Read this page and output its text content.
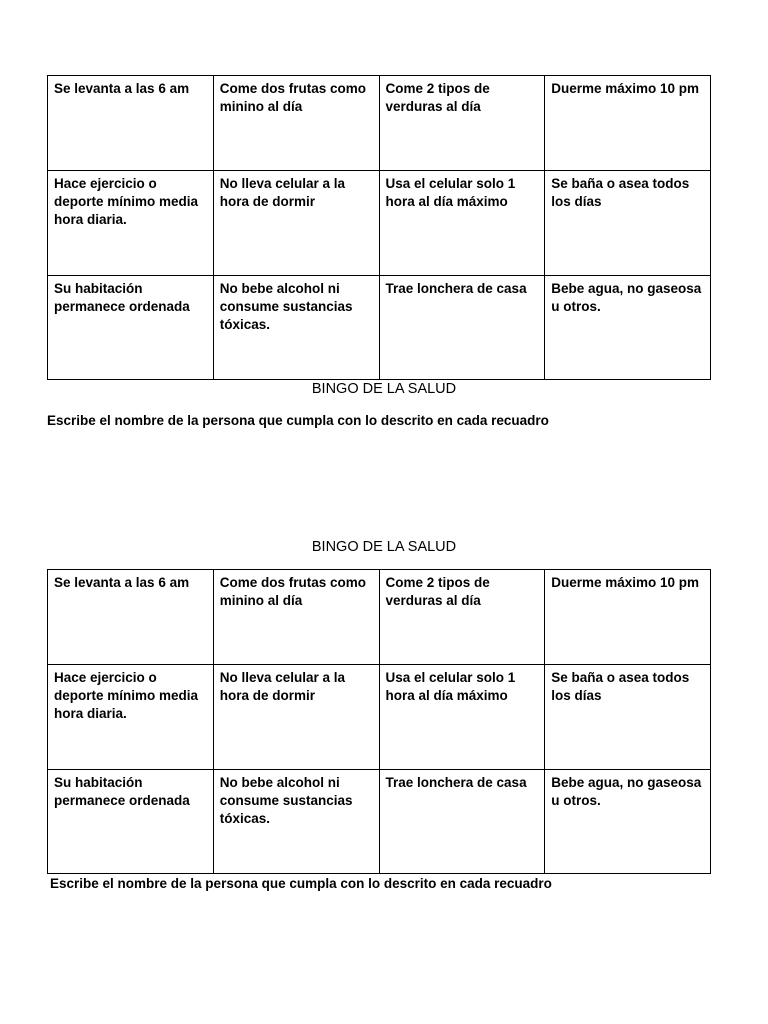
Se levanta a las 6 am	Come dos frutas como minino al día	Come 2 tipos de verduras al día	Duerme máximo 10 pm
Hace ejercicio o deporte mínimo media hora diaria.	No lleva celular a la hora de dormir	Usa el celular solo 1 hora al día máximo	Se baña o asea todos los días
Su habitación permanece ordenada	No bebe alcohol ni consume sustancias tóxicas.	Trae lonchera de casa	Bebe agua, no gaseosa u otros.

BINGO DE LA SALUD

Escribe el nombre de la persona que cumpla con lo descrito en cada recuadro

BINGO DE LA SALUD

Se levanta a las 6 am	Come dos frutas como minino al día	Come 2 tipos de verduras al día	Duerme máximo 10 pm
Hace ejercicio o deporte mínimo media hora diaria.	No lleva celular a la hora de dormir	Usa el celular solo 1 hora al día máximo	Se baña o asea todos los días
Su habitación permanece ordenada	No bebe alcohol ni consume sustancias tóxicas.	Trae lonchera de casa	Bebe agua, no gaseosa u otros.

Escribe el nombre de la persona que cumpla con lo descrito en cada recuadro
